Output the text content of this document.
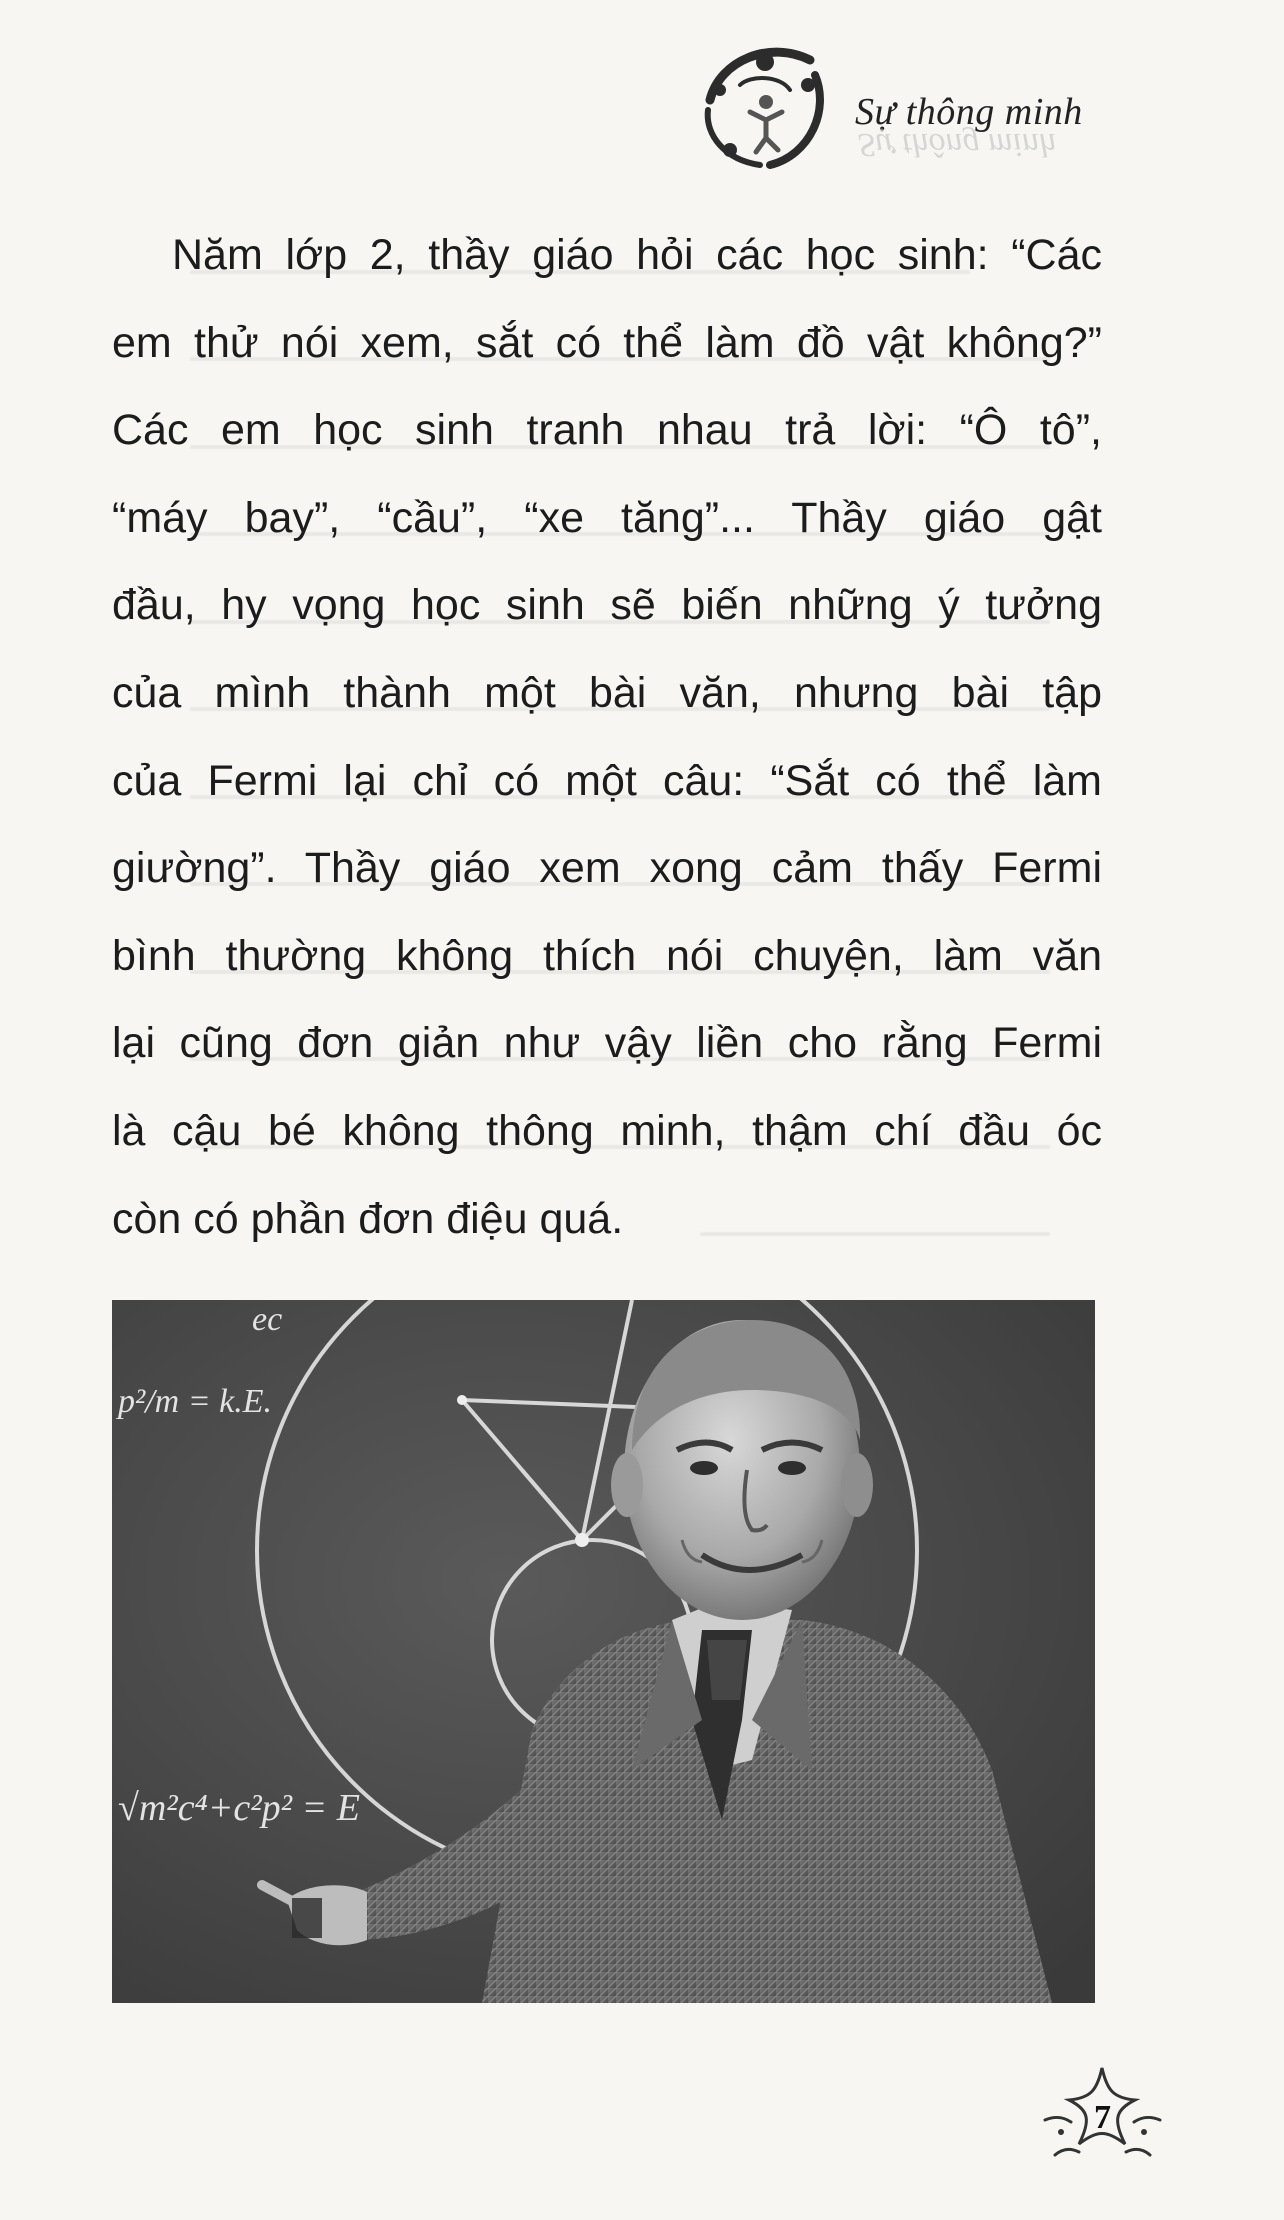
Sự thông minh
Sự thông minh
Năm lớp 2, thầy giáo hỏi các học sinh: “Các
em thử nói xem, sắt có thể làm đồ vật không?”
Các em học sinh tranh nhau trả lời: “Ô tô”,
“máy bay”, “cầu”, “xe tăng”... Thầy giáo gật
đầu, hy vọng học sinh sẽ biến những ý tưởng
của mình thành một bài văn, nhưng bài tập
của Fermi lại chỉ có một câu: “Sắt có thể làm
giường”. Thầy giáo xem xong cảm thấy Fermi
bình thường không thích nói chuyện, làm văn
lại cũng đơn giản như vậy liền cho rằng Fermi
là cậu bé không thông minh, thậm chí đầu óc
còn có phần đơn điệu quá.
ec
p²/m = k.E.
√m²c⁴+c²p² = E
7
